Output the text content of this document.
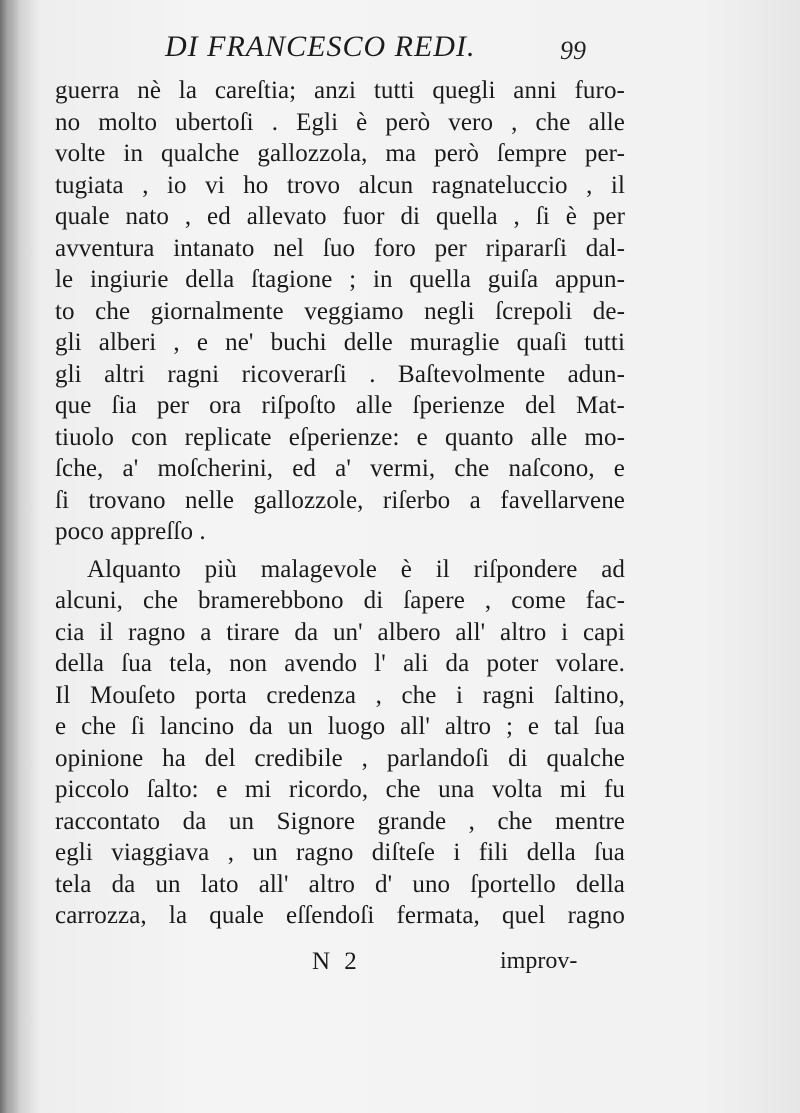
DI FRANCESCO REDI.	99
guerra nè la careſtia; anzi tutti quegli anni furo-
no molto ubertoſi . Egli è però vero , che alle
volte in qualche gallozzola, ma però ſempre per-
tugiata , io vi ho trovo alcun ragnateluccio , il
quale nato , ed allevato fuor di quella , ſi è per
avventura intanato nel ſuo foro per ripararſi dal-
le ingiurie della ſtagione ; in quella guiſa appun-
to che giornalmente veggiamo negli ſcrepoli de-
gli alberi , e ne' buchi delle muraglie quaſi tutti
gli altri ragni ricoverarſi . Baſtevolmente adun-
que ſia per ora riſpoſto alle ſperienze del Mat-
tiuolo con replicate eſperienze: e quanto alle mo-
ſche, a' moſcherini, ed a' vermi, che naſcono, e
ſi trovano nelle gallozzole, riſerbo a favellarvene
poco appreſſo .
Alquanto più malagevole è il riſpondere ad
alcuni, che bramerebbono di ſapere , come fac-
cia il ragno a tirare da un' albero all' altro i capi
della ſua tela, non avendo l' ali da poter volare.
Il Mouſeto porta credenza , che i ragni ſaltino,
e che ſi lancino da un luogo all' altro ; e tal ſua
opinione ha del credibile , parlandoſi di qualche
piccolo ſalto: e mi ricordo, che una volta mi fu
raccontato da un Signore grande , che mentre
egli viaggiava , un ragno diſteſe i fili della ſua
tela da un lato all' altro d' uno ſportello della
carrozza, la quale eſſendoſi fermata, quel ragno
N 2	improv-
